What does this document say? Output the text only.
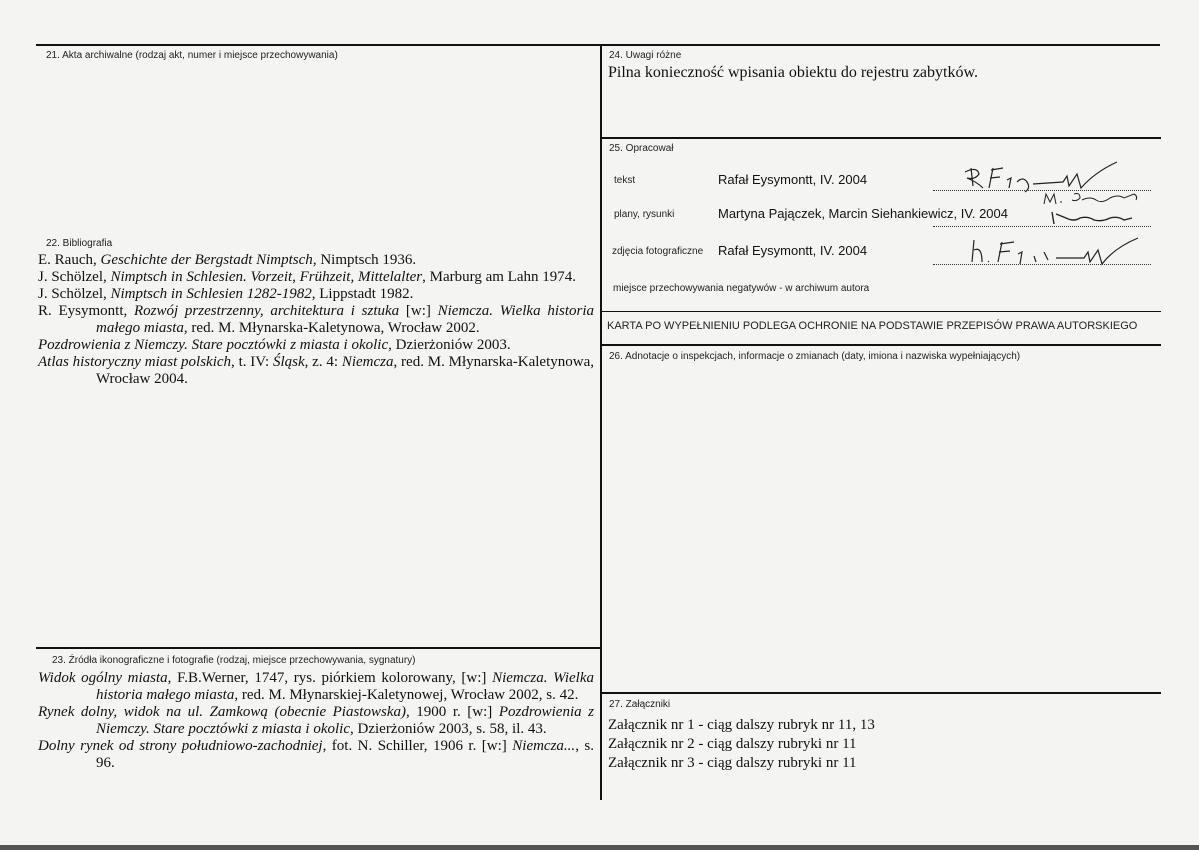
21. Akta archiwalne (rodzaj akt, numer i miejsce przechowywania)
22. Bibliografia

E. Rauch, Geschichte der Bergstadt Nimptsch, Nimptsch 1936.

J. Schölzel, Nimptsch in Schlesien. Vorzeit, Frühzeit, Mittelalter, Marburg am Lahn 1974.

J. Schölzel, Nimptsch in Schlesien 1282-1982, Lippstadt 1982.

R. Eysymontt, Rozwój przestrzenny, architektura i sztuka [w:] Niemcza. Wielka historia małego miasta, red. M. Młynarska-Kaletynowa, Wrocław 2002.

Pozdrowienia z Niemczy. Stare pocztówki z miasta i okolic, Dzierżoniów 2003.

Atlas historyczny miast polskich, t. IV: Śląsk, z. 4: Niemcza, red. M. Młynarska-Kaletynowa, Wrocław 2004.

23. Źródła ikonograficzne i fotografie (rodzaj, miejsce przechowywania, sygnatury)

Widok ogólny miasta, F.B.Werner, 1747, rys. piórkiem kolorowany, [w:] Niemcza. Wielka historia małego miasta, red. M. Młynarskiej-Kaletynowej, Wrocław 2002, s. 42.

Rynek dolny, widok na ul. Zamkową (obecnie Piastowska), 1900 r. [w:] Pozdrowienia z Niemczy. Stare pocztówki z miasta i okolic, Dzierżoniów 2003, s. 58, il. 43.

Dolny rynek od strony południowo-zachodniej, fot. N. Schiller, 1906 r. [w:] Niemcza..., s. 96.

24. Uwagi różne
Pilna konieczność wpisania obiektu do rejestru zabytków.
25. Opracował
tekst	Rafał Eysymontt, IV. 2004
plany, rysunki	Martyna Pajączek, Marcin Siehankiewicz, IV. 2004
zdjęcia fotograficzne Rafał Eysymontt, IV. 2004
miejsce przechowywania negatywów - w archiwum autora
KARTA PO WYPEŁNIENIU PODLEGA OCHRONIE NA PODSTAWIE PRZEPISÓW PRAWA AUTORSKIEGO
26. Adnotacje o inspekcjach, informacje o zmianach (daty, imiona i nazwiska wypełniających)
27. Załączniki
Załącznik nr 1 - ciąg dalszy rubryk nr 11, 13
Załącznik nr 2 - ciąg dalszy rubryki nr 11
Załącznik nr 3 - ciąg dalszy rubryki nr 11
